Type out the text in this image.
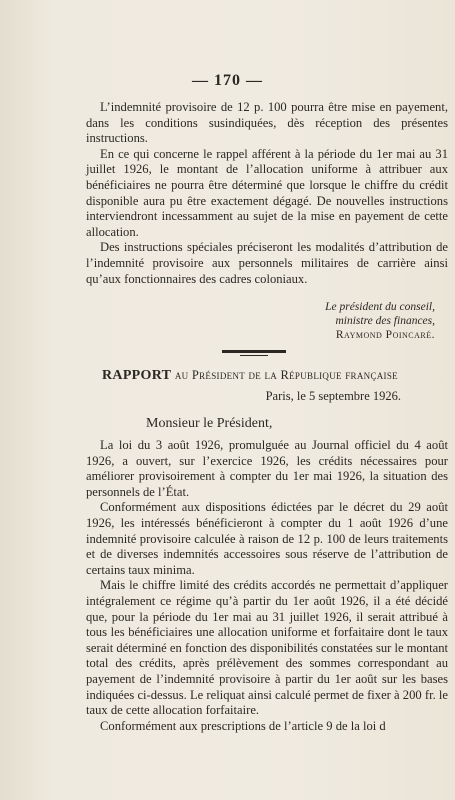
— 170 —

L’indemnité provisoire de 12 p. 100 pourra être mise en payement, dans les conditions susindiquées, dès réception des présentes instructions.

En ce qui concerne le rappel afférent à la période du 1er mai au 31 juillet 1926, le montant de l’allocation uniforme à attribuer aux bénéficiaires ne pourra être déterminé que lorsque le chiffre du crédit disponible aura pu être exactement dégagé. De nouvelles instructions interviendront incessamment au sujet de la mise en payement de cette allocation.

Des instructions spéciales préciseront les modalités d’attribution de l’indemnité provisoire aux personnels militaires de carrière ainsi qu’aux fonctionnaires des cadres coloniaux.

Le président du conseil,
ministre des finances,
Raymond Poincaré.
RAPPORT au Président de la République française
Paris, le 5 septembre 1926.
Monsieur le Président,

La loi du 3 août 1926, promulguée au Journal officiel du 4 août 1926, a ouvert, sur l’exercice 1926, les crédits nécessaires pour améliorer provisoirement à compter du 1er mai 1926, la situation des personnels de l’État.

Conformément aux dispositions édictées par le décret du 29 août 1926, les intéressés bénéficieront à compter du 1 août 1926 d’une indemnité provisoire calculée à raison de 12 p. 100 de leurs traitements et de diverses indemnités accessoires sous réserve de l’attribution de certains taux minima.

Mais le chiffre limité des crédits accordés ne permettait d’appliquer intégralement ce régime qu’à partir du 1er août 1926, il a été décidé que, pour la période du 1er mai au 31 juillet 1926, il serait attribué à tous les bénéficiaires une allocation uniforme et forfaitaire dont le taux serait déterminé en fonction des disponibilités constatées sur le montant total des crédits, après prélèvement des sommes correspondant au payement de l’indemnité provisoire à partir du 1er août sur les bases indiquées ci-dessus. Le reliquat ainsi calculé permet de fixer à 200 fr. le taux de cette allocation forfaitaire.

Conformément aux prescriptions de l’article 9 de la loi d
